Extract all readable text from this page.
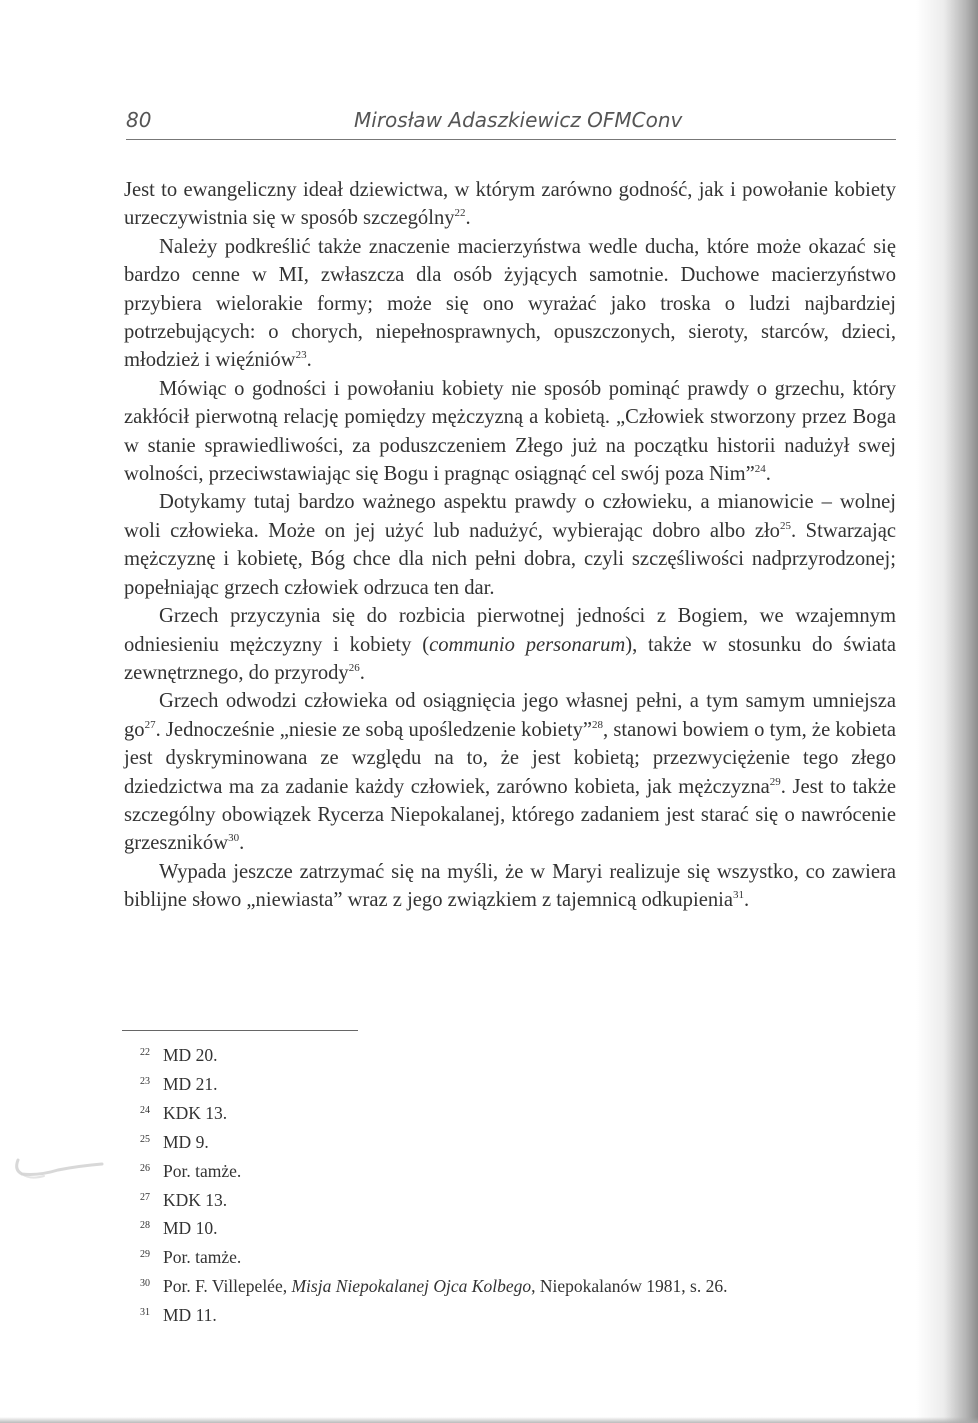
80	Mirosław Adaszkiewicz OFMConv

Jest to ewangeliczny ideał dziewictwa, w którym zarówno godność, jak i powołanie kobiety urzeczywistnia się w sposób szczególny$^{22}$.

Należy podkreślić także znaczenie macierzyństwa wedle ducha, które może okazać się bardzo cenne w MI, zwłaszcza dla osób żyjących samotnie. Duchowe macierzyństwo przybiera wielorakie formy; może się ono wyrażać jako troska o ludzi najbardziej potrzebujących: o chorych, niepełnosprawnych, opuszczonych, sieroty, starców, dzieci, młodzież i więźniów$^{23}$.

Mówiąc o godności i powołaniu kobiety nie sposób pominąć prawdy o grzechu, który zakłócił pierwotną relację pomiędzy mężczyzną a kobietą. „Człowiek stworzony przez Boga w stanie sprawiedliwości, za poduszczeniem Złego już na początku historii nadużył swej wolności, przeciwstawiając się Bogu i pragnąc osiągnąć cel swój poza Nim”$^{24}$.

Dotykamy tutaj bardzo ważnego aspektu prawdy o człowieku, a mianowicie – wolnej woli człowieka. Może on jej użyć lub nadużyć, wybierając dobro albo zło$^{25}$. Stwarzając mężczyznę i kobietę, Bóg chce dla nich pełni dobra, czyli szczęśliwości nadprzyrodzonej; popełniając grzech człowiek odrzuca ten dar.

Grzech przyczynia się do rozbicia pierwotnej jedności z Bogiem, we wzajemnym odniesieniu mężczyzny i kobiety (communio personarum), także w stosunku do świata zewnętrznego, do przyrody$^{26}$.

Grzech odwodzi człowieka od osiągnięcia jego własnej pełni, a tym samym umniejsza $go^{27}$. Jednocześnie „niesie ze sobą upośledzenie kobiety”$^{28}$, stanowi bowiem o tym, że kobieta jest dyskryminowana ze względu na to, że jest kobietą; przezwyciężenie tego złego dziedzictwa ma za zadanie każdy człowiek, zarówno kobieta, jak mężczyzna$^{29}$. Jest to także szczególny obowiązek Rycerza Niepokalanej, którego zadaniem jest starać się o nawrócenie grzeszników$^{30}$.

Wypada jeszcze zatrzymać się na myśli, że w Maryi realizuje się wszystko, co zawiera biblijne słowo „niewiasta” wraz z jego związkiem z tajemnicą odkupienia$^{31}$.

22 MD 20.
23 MD 21.
24 KDK 13.
25 MD 9.
26 Por. tamże.
27 KDK 13.
28 MD 10.
29 Por. tamże.
30 Por. F. Villepelée, Misja Niepokalanej Ojca Kolbego, Niepokalanów 1981, s. 26.
31 MD 11.
